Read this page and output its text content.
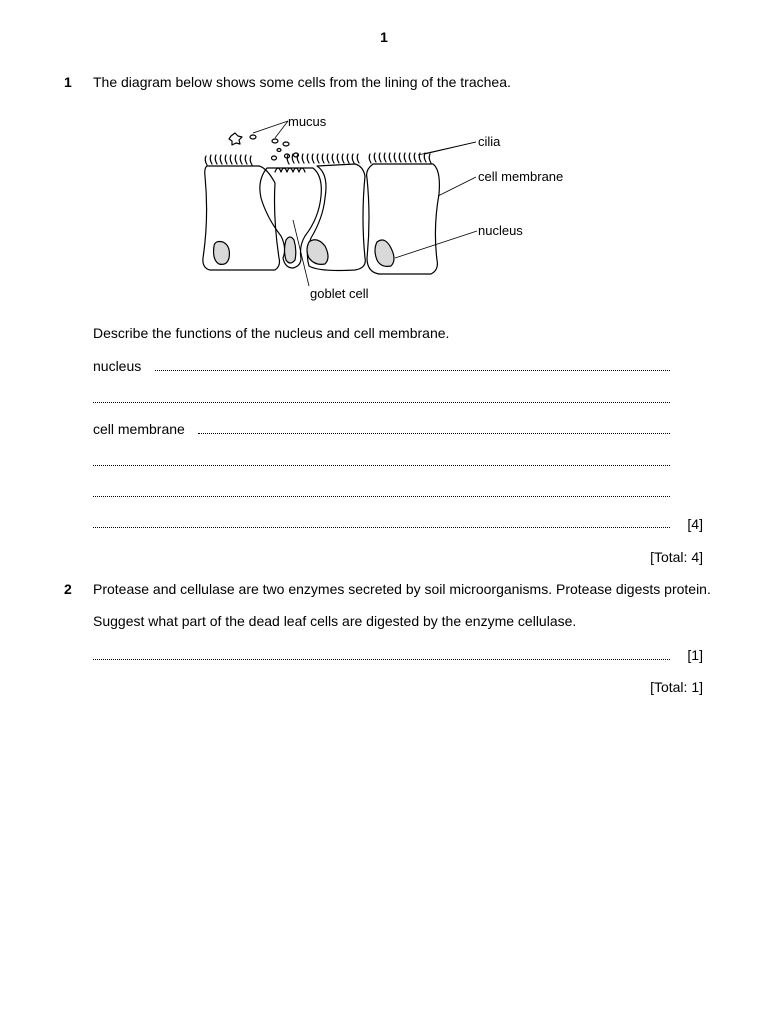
1
1 The diagram below shows some cells from the lining of the trachea.
mucus
cilia
cell membrane
nucleus
goblet cell
Describe the functions of the nucleus and cell membrane.
nucleus
cell membrane
[4]
[Total: 4]
2 Protease and cellulase are two enzymes secreted by soil microorganisms. Protease digests protein.
Suggest what part of the dead leaf cells are digested by the enzyme cellulase.
[1]
[Total: 1]
